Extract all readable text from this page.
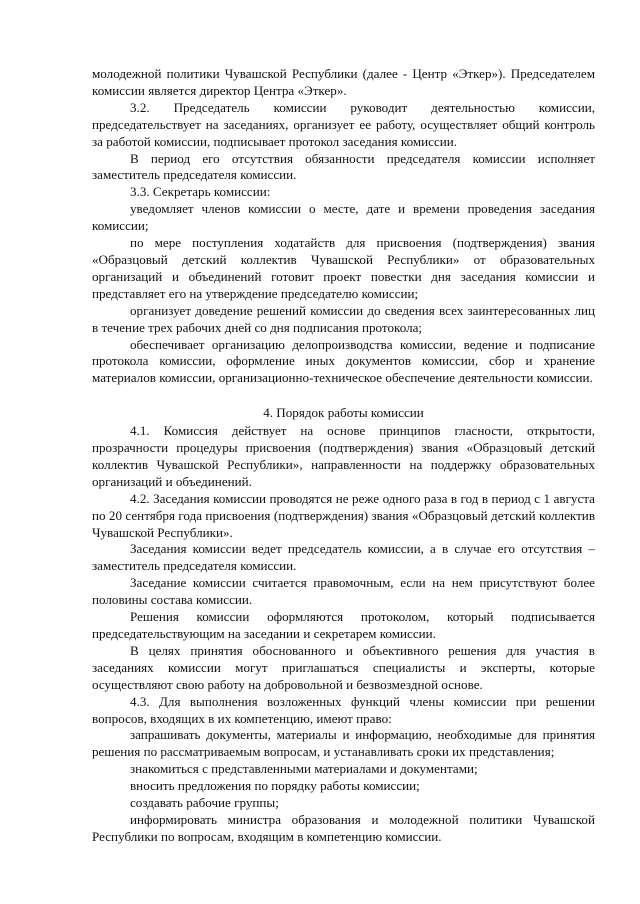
молодежной политики Чувашской Республики (далее - Центр «Эткер»). Председателем комиссии является директор Центра «Эткер».

3.2. Председатель комиссии руководит деятельностью комиссии, председательствует на заседаниях, организует ее работу, осуществляет общий контроль за работой комиссии, подписывает протокол заседания комиссии.

В период его отсутствия обязанности председателя комиссии исполняет заместитель председателя комиссии.

3.3. Секретарь комиссии:

уведомляет членов комиссии о месте, дате и времени проведения заседания комиссии;

по мере поступления ходатайств для присвоения (подтверждения) звания «Образцовый детский коллектив Чувашской Республики» от образовательных организаций и объединений готовит проект повестки дня заседания комиссии и представляет его на утверждение председателю комиссии;

организует доведение решений комиссии до сведения всех заинтересованных лиц в течение трех рабочих дней со дня подписания протокола;

обеспечивает организацию делопроизводства комиссии, ведение и подписание протокола комиссии, оформление иных документов комиссии, сбор и хранение материалов комиссии, организационно-техническое обеспечение деятельности комиссии.

4. Порядок работы комиссии

4.1. Комиссия действует на основе принципов гласности, открытости, прозрачности процедуры присвоения (подтверждения) звания «Образцовый детский коллектив Чувашской Республики», направленности на поддержку образовательных организаций и объединений.

4.2. Заседания комиссии проводятся не реже одного раза в год в период с 1 августа по 20 сентября года присвоения (подтверждения) звания «Образцовый детский коллектив Чувашской Республики».

Заседания комиссии ведет председатель комиссии, а в случае его отсутствия – заместитель председателя комиссии.

Заседание комиссии считается правомочным, если на нем присутствуют более половины состава комиссии.

Решения комиссии оформляются протоколом, который подписывается председательствующим на заседании и секретарем комиссии.

В целях принятия обоснованного и объективного решения для участия в заседаниях комиссии могут приглашаться специалисты и эксперты, которые осуществляют свою работу на добровольной и безвозмездной основе.

4.3. Для выполнения возложенных функций члены комиссии при решении вопросов, входящих в их компетенцию, имеют право:

запрашивать документы, материалы и информацию, необходимые для принятия решения по рассматриваемым вопросам, и устанавливать сроки их представления;

знакомиться с представленными материалами и документами;

вносить предложения по порядку работы комиссии;

создавать рабочие группы;

информировать министра образования и молодежной политики Чувашской Республики по вопросам, входящим в компетенцию комиссии.
